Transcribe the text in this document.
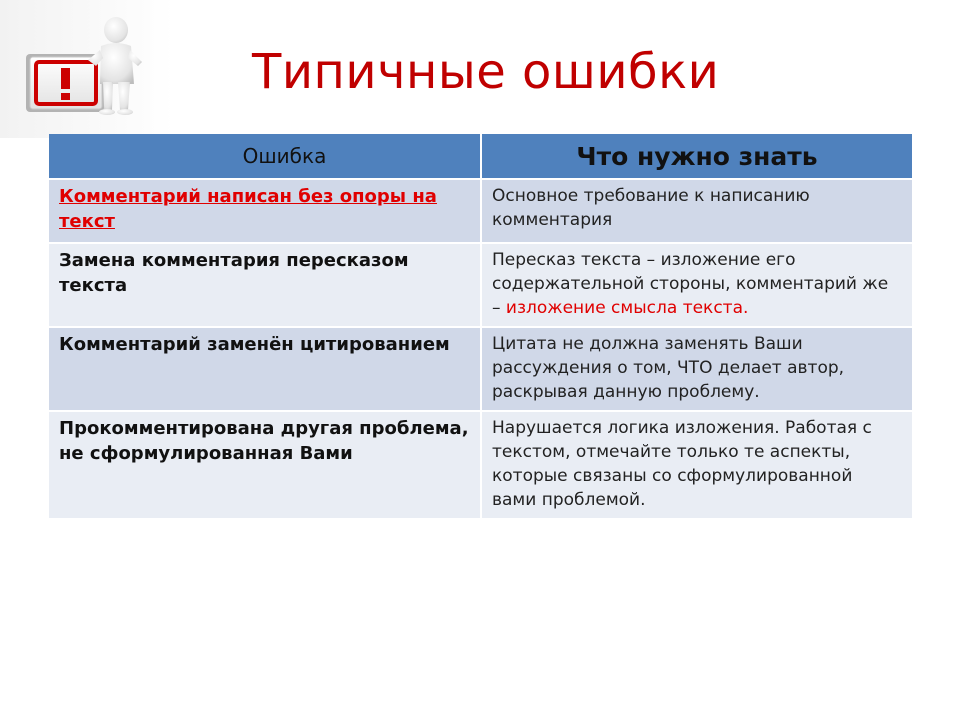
Типичные ошибки
Ошибка	Что нужно знать
Комментарий написан без опоры на текст	Основное требование к написанию комментария
Замена комментария пересказом текста	Пересказ текста – изложение его содержательной стороны, комментарий же – изложение смысла текста.
Комментарий заменён цитированием	Цитата не должна заменять Ваши рассуждения о том, ЧТО делает автор, раскрывая данную проблему.
Прокомментирована другая проблема, не сформулированная Вами	Нарушается логика изложения. Работая с текстом, отмечайте только те аспекты, которые связаны со сформулированной вами проблемой.
